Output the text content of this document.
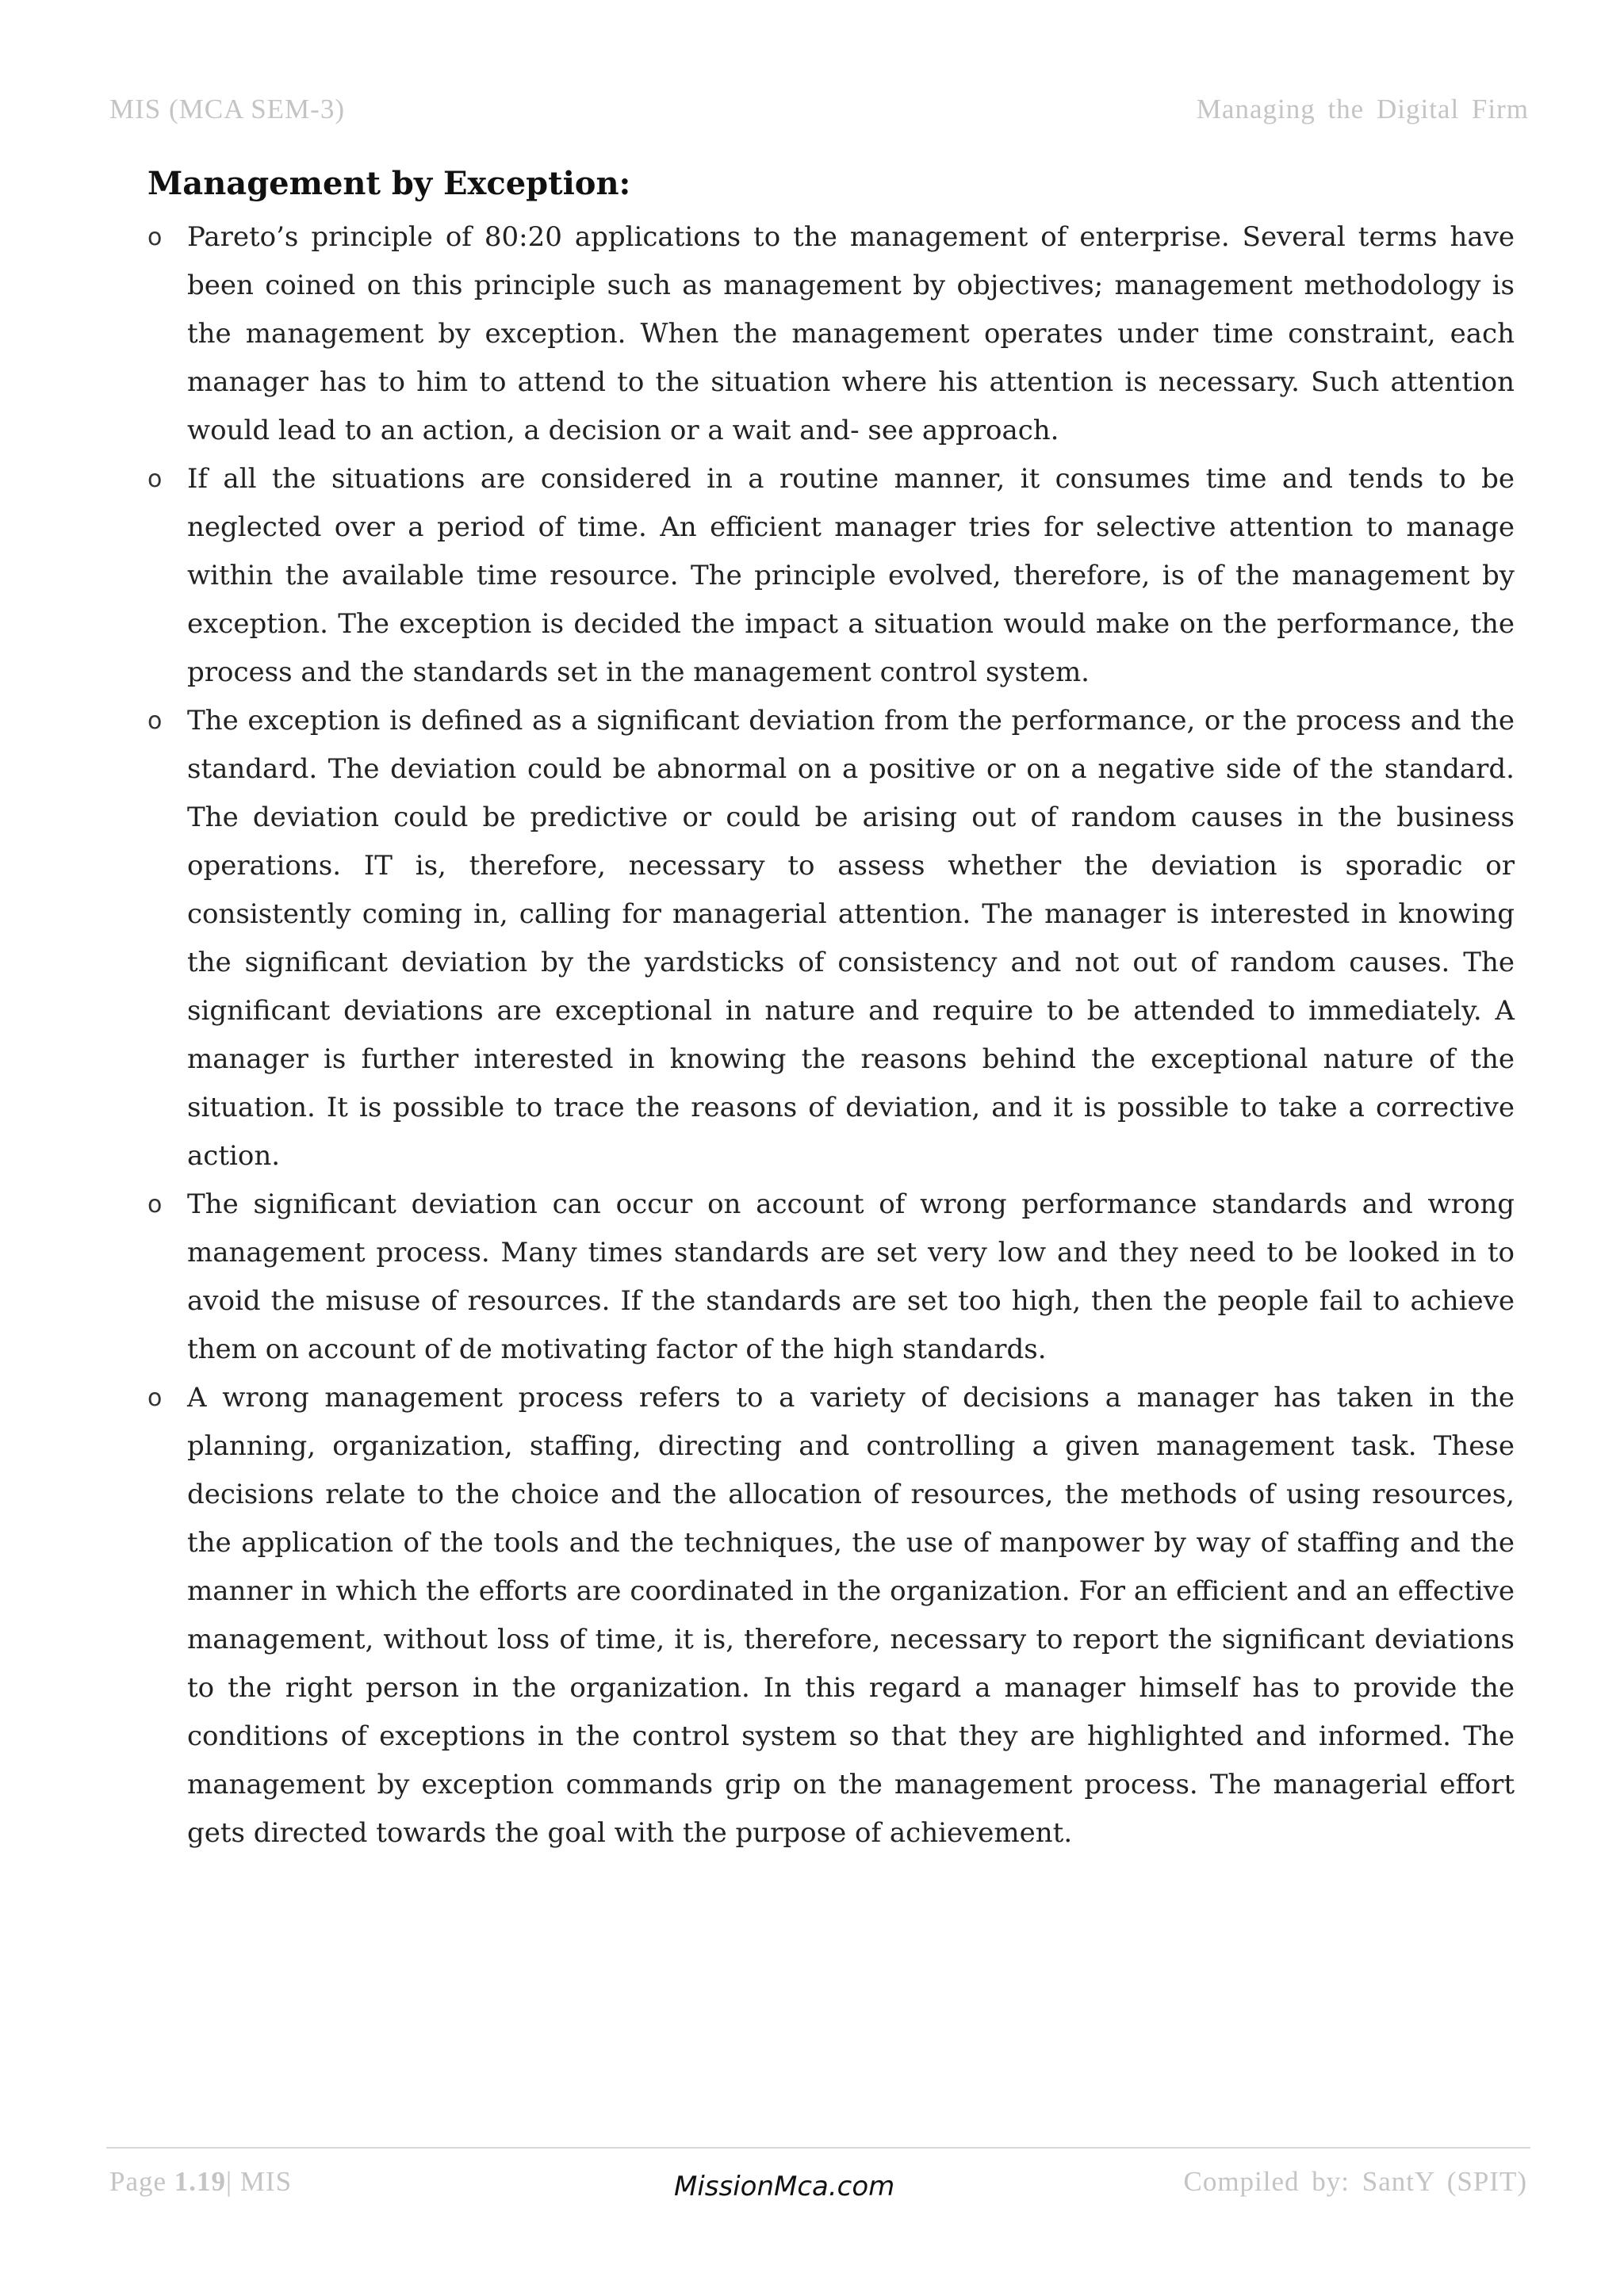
MIS (MCA SEM-3)	Managing the Digital Firm
Management by Exception:
o Pareto’s principle of 80:20 applications to the management of enterprise. Several terms have been coined on this principle such as management by objectives; management methodology is the management by exception. When the management operates under time constraint, each manager has to him to attend to the situation where his attention is necessary. Such attention would lead to an action, a decision or a wait and- see approach.
o If all the situations are considered in a routine manner, it consumes time and tends to be neglected over a period of time. An efficient manager tries for selective attention to manage within the available time resource. The principle evolved, therefore, is of the management by exception. The exception is decided the impact a situation would make on the performance, the process and the standards set in the management control system.
o The exception is defined as a significant deviation from the performance, or the process and the standard. The deviation could be abnormal on a positive or on a negative side of the standard. The deviation could be predictive or could be arising out of random causes in the business operations. IT is, therefore, necessary to assess whether the deviation is sporadic or consistently coming in, calling for managerial attention. The manager is interested in knowing the significant deviation by the yardsticks of consistency and not out of random causes. The significant deviations are exceptional in nature and require to be attended to immediately. A manager is further interested in knowing the reasons behind the exceptional nature of the situation. It is possible to trace the reasons of deviation, and it is possible to take a corrective action.
o The significant deviation can occur on account of wrong performance standards and wrong management process. Many times standards are set very low and they need to be looked in to avoid the misuse of resources. If the standards are set too high, then the people fail to achieve them on account of de motivating factor of the high standards.
o A wrong management process refers to a variety of decisions a manager has taken in the planning, organization, staffing, directing and controlling a given management task. These decisions relate to the choice and the allocation of resources, the methods of using resources, the application of the tools and the techniques, the use of manpower by way of staffing and the manner in which the efforts are coordinated in the organization. For an efficient and an effective management, without loss of time, it is, therefore, necessary to report the significant deviations to the right person in the organization. In this regard a manager himself has to provide the conditions of exceptions in the control system so that they are highlighted and informed. The management by exception commands grip on the management process. The managerial effort gets directed towards the goal with the purpose of achievement.
Page 1.19| MIS	MissionMca.com	Compiled by: SantY (SPIT)
